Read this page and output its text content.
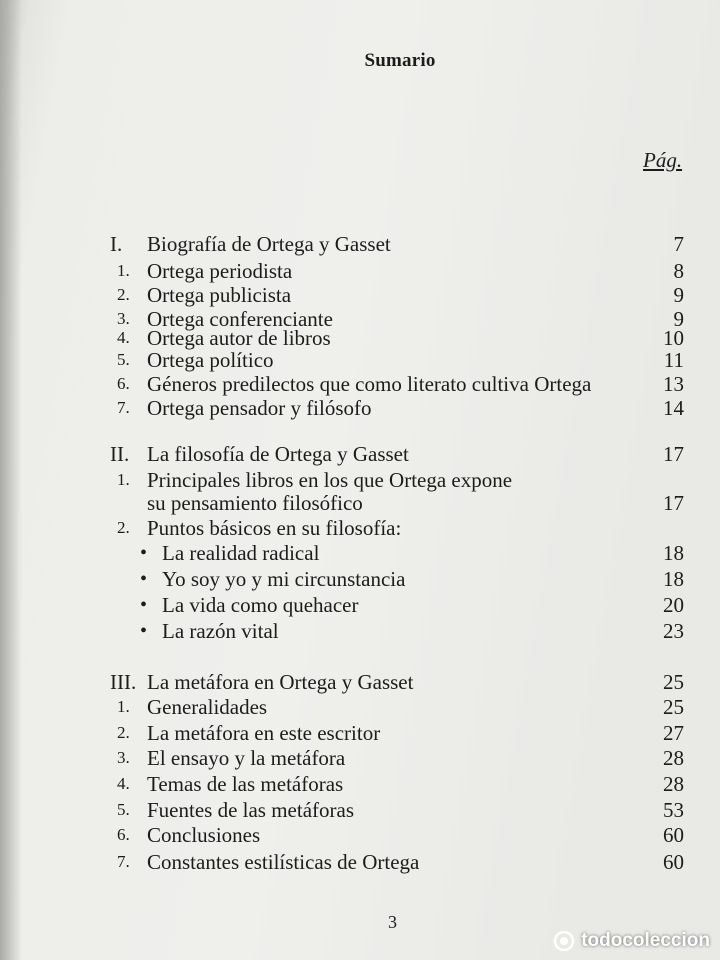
Sumario
Pág.
I. Biografía de Ortega y Gasset	7
1. Ortega periodista	8
2. Ortega publicista	9
3. Ortega conferenciante	9
4. Ortega autor de libros	10
5. Ortega político	11
6. Géneros predilectos que como literato cultiva Ortega	13
7. Ortega pensador y filósofo	14
II. La filosofía de Ortega y Gasset	17
1. Principales libros en los que Ortega expone
su pensamiento filosófico	17
2. Puntos básicos en su filosofía:
• La realidad radical	18
• Yo soy yo y mi circunstancia	18
• La vida como quehacer	20
• La razón vital	23
III. La metáfora en Ortega y Gasset	25
1. Generalidades	25
2. La metáfora en este escritor	27
3. El ensayo y la metáfora	28
4. Temas de las metáforas	28
5. Fuentes de las metáforas	53
6. Conclusiones	60
7. Constantes estilísticas de Ortega	60
3
todocoleccion
